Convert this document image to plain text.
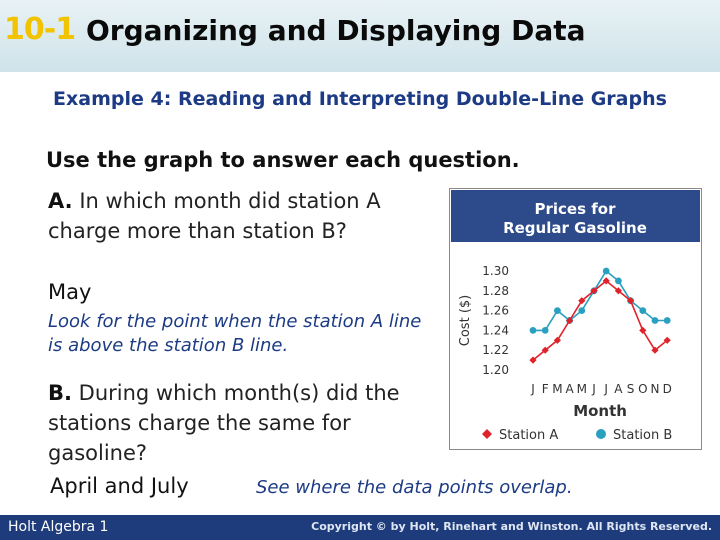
10-1 Organizing and Displaying Data
Example 4: Reading and Interpreting Double-Line Graphs
Use the graph to answer each question.
A. In which month did station A charge more than station B?
May
Look for the point when the station A line is above the station B line.
B. During which month(s) did the stations charge the same for gasoline?
April and July	See where the data points overlap.
Prices for
Regular Gasoline
1.30
1.28
1.26
1.24
1.22
1.20
Cost ($)
J F M A M J J A S O N D
Month
Station A	Station B
Holt Algebra 1	Copyright © by Holt, Rinehart and Winston. All Rights Reserved.
